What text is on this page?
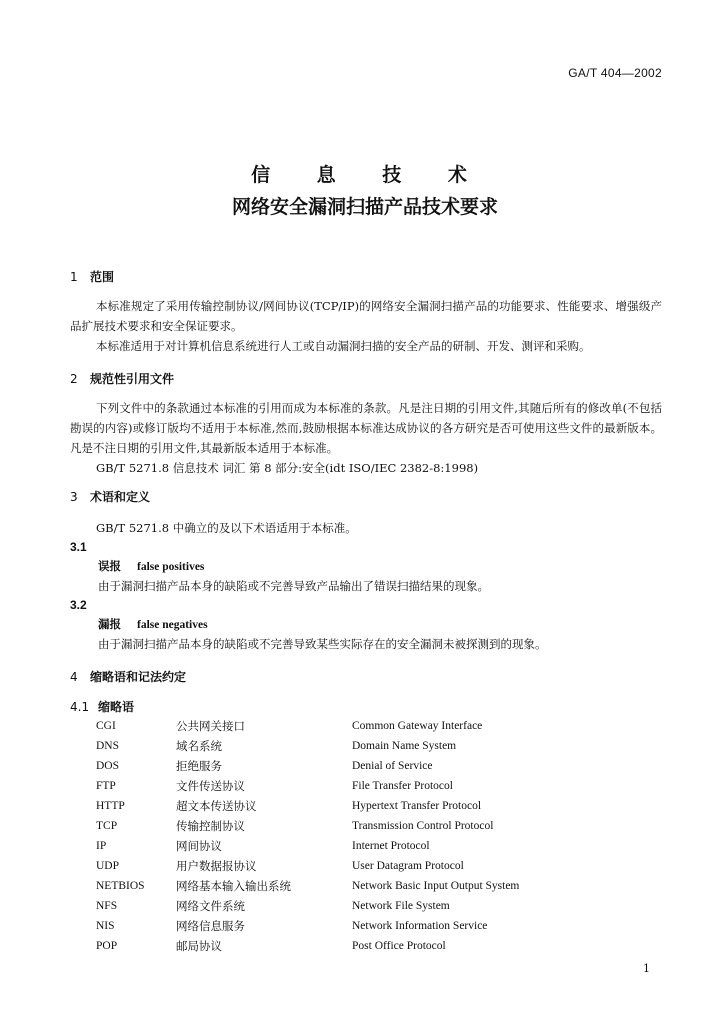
GA/T 404—2002
信 息 技 术
网络安全漏洞扫描产品技术要求
1 范围
本标准规定了采用传输控制协议/网间协议(TCP/IP)的网络安全漏洞扫描产品的功能要求、性能要求、增强级产品扩展技术要求和安全保证要求。
本标准适用于对计算机信息系统进行人工或自动漏洞扫描的安全产品的研制、开发、测评和采购。
2 规范性引用文件
下列文件中的条款通过本标准的引用而成为本标准的条款。凡是注日期的引用文件,其随后所有的修改单(不包括勘误的内容)或修订版均不适用于本标准,然而,鼓励根据本标准达成协议的各方研究是否可使用这些文件的最新版本。凡是不注日期的引用文件,其最新版本适用于本标准。
GB/T 5271.8 信息技术 词汇 第 8 部分:安全(idt ISO/IEC 2382-8:1998)
3 术语和定义
GB/T 5271.8 中确立的及以下术语适用于本标准。
3.1
误报 false positives
由于漏洞扫描产品本身的缺陷或不完善导致产品输出了错误扫描结果的现象。
3.2
漏报 false negatives
由于漏洞扫描产品本身的缺陷或不完善导致某些实际存在的安全漏洞未被探测到的现象。
4 缩略语和记法约定
4.1 缩略语
CGI	公共网关接口	Common Gateway Interface
DNS	域名系统	Domain Name System
DOS	拒绝服务	Denial of Service
FTP	文件传送协议	File Transfer Protocol
HTTP	超文本传送协议	Hypertext Transfer Protocol
TCP	传输控制协议	Transmission Control Protocol
IP	网间协议	Internet Protocol
UDP	用户数据报协议	User Datagram Protocol
NETBIOS	网络基本输入输出系统	Network Basic Input Output System
NFS	网络文件系统	Network File System
NIS	网络信息服务	Network Information Service
POP	邮局协议	Post Office Protocol
1
